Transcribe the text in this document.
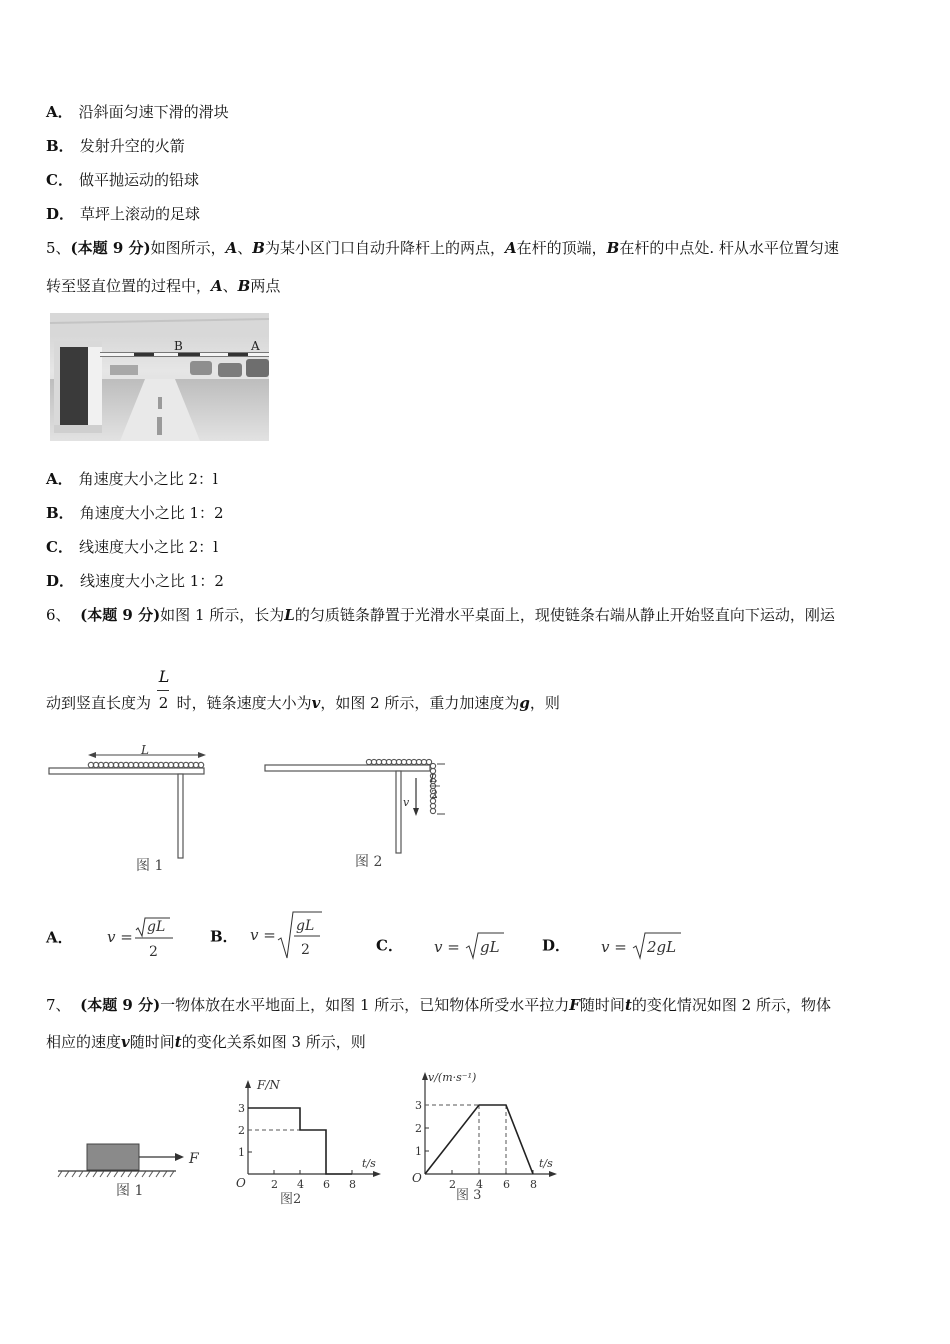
A． 沿斜面匀速下滑的滑块
B． 发射升空的火箭
C． 做平抛运动的铅球
D． 草坪上滚动的足球
5、(本题 9 分)如图所示，A、B为某小区门口自动升降杆上的两点，A在杆的顶端，B在杆的中点处. 杆从水平位置匀速
转至竖直位置的过程中，A、B两点
B	A
A． 角速度大小之比 2：l
B． 角速度大小之比 1：2
C． 线速度大小之比 2：l
D． 线速度大小之比 1：2
6、 (本题 9 分)如图 1 所示，长为L的匀质链条静置于光滑水平桌面上，现使链条右端从静止开始竖直向下运动，刚运
动到竖直长度为 $\frac{L}{2}$ 时，链条速度大小为v，如图 2 所示，重力加速度为g，则
L
图 1
v
L
2
图 2
A． v =
gL
2
B． v = gL
2	C． v = gL	D． v = 2gL
7、 (本题 9 分)一物体放在水平地面上，如图 1 所示，已知物体所受水平拉力F随时间t的变化情况如图 2 所示，物体
相应的速度v随时间t的变化关系如图 3 所示，则
F
图 1
F/N
t/s
O
1
2
3
2 4 6 8
图2
v/(m·s⁻¹)
t/s
O
1
2
3
2 4 6 8
图 3
